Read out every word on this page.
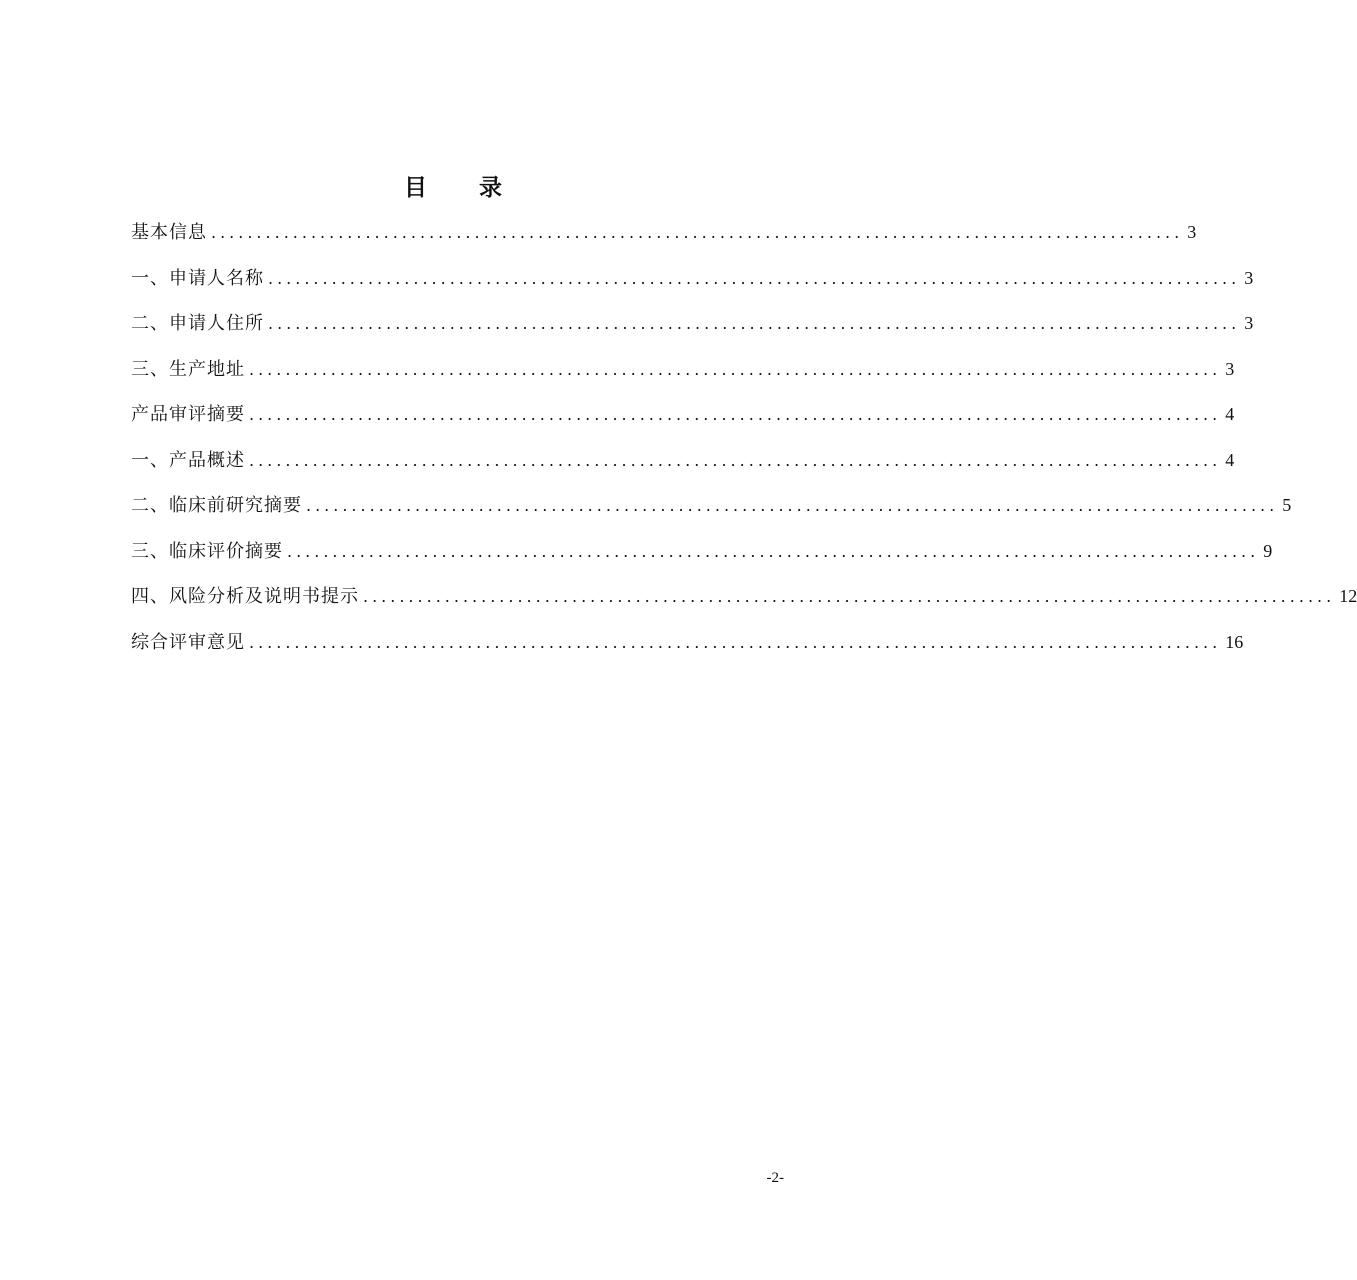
目 录
基本信息 ........................................................................................................... 3
一、申请人名称 ........................................................................................................... 3
二、申请人住所 ........................................................................................................... 3
三、生产地址 ........................................................................................................... 3
产品审评摘要 ........................................................................................................... 4
一、产品概述 ........................................................................................................... 4
二、临床前研究摘要 ........................................................................................................... 5
三、临床评价摘要 ........................................................................................................... 9
四、风险分析及说明书提示 ........................................................................................................... 12
综合评审意见 ........................................................................................................... 16
-2-
